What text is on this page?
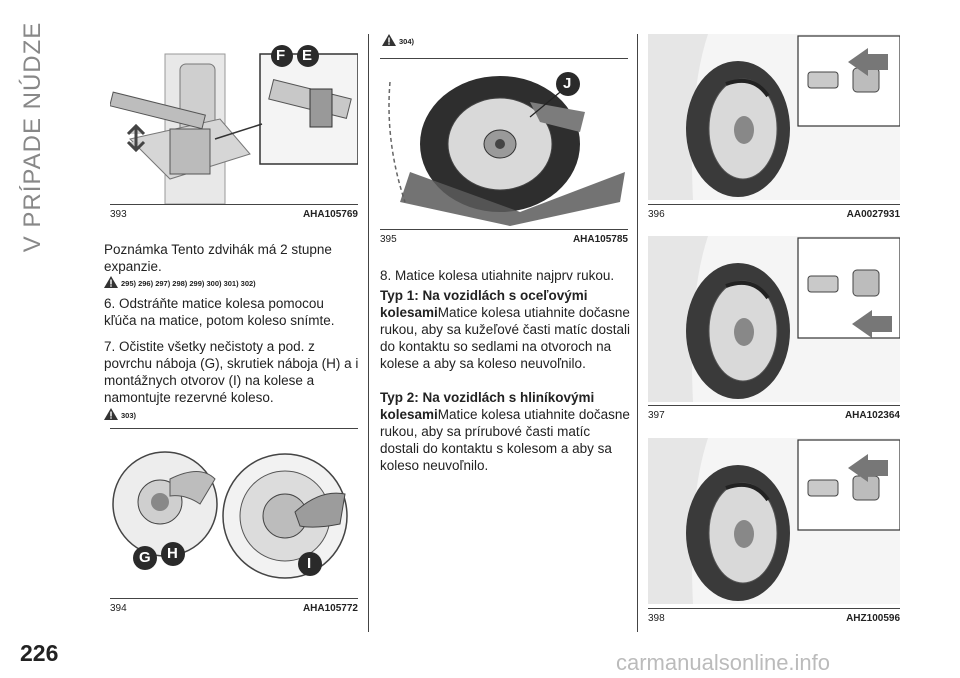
V PRÍPADE NÚDZE	F E
393	AHA105769
Poznámka Tento zdvihák má 2 stupne expanzie.
295) 296) 297) 298) 299) 300) 301) 302)
6. Odstráňte matice kolesa pomocou kľúča na matice, potom koleso snímte.
7. Očistite všetky nečistoty a pod. z povrchu nábojа (G), skrutiek nábojа (H) a i montážnych otvorov (I) na kolese a namontujte rezervné koleso.
303)
G H
I
394	AHA105772
304)
J
395	AHA105785
8. Matice kolesa utiahnite najprv rukou.
Typ 1: Na vozidlách s oceľovými kolesamiMatice kolesa utiahnite dočasne rukou, aby sa kužeľové časti matíc dostali do kontaktu so sedlami na otvoroch na kolese a aby sa koleso neuvoľnilo.
Typ 2: Na vozidlách s hliníkovými kolesamiMatice kolesa utiahnite dočasne rukou, aby sa prírubové časti matíc dostali do kontaktu s kolesom a aby sa koleso neuvoľnilo.
396	AA0027931
397	AHA102364
398	AHZ100596
226	carmanualsonline.info
